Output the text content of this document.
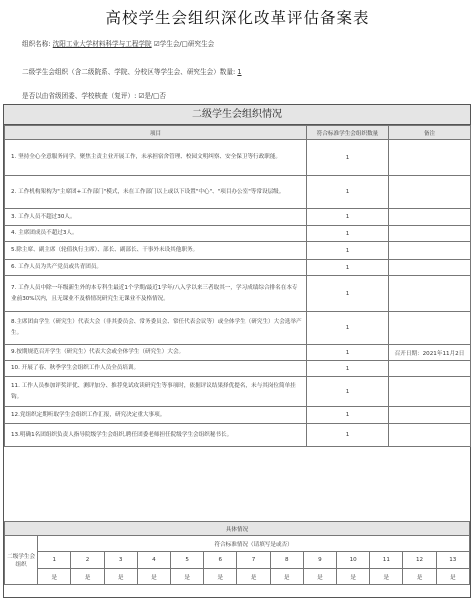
高校学生会组织深化改革评估备案表
组织名称: 沈阳工业大学材料科学与工程学院 ☑学生会/□研究生会
二级学生会组织（含二级院系、学院、分校区等学生会、研究生会）数量: 1
是否以由省级团委、学校核查（复评）: ☑是/□否
二级学生会组织情况
项目	符合标准学生会组织数量	备注
1. 坚持全心全意服务同学，聚焦主责主业开展工作，未承担宿舍管理、校园文明纠察、安全保卫等行政职能。	1	
2. 工作机构架构为"主席团+工作部门"模式，未在工作部门以上或以下设置"中心"、"项目办公室"等常设层级。	1	
3. 工作人员不超过30人。	1	
4. 主席团成员不超过3人。	1	
5.除主席、副主席（轮值执行主席）、部长、副部长、干事外未设其他职务。	1	
6. 工作人员为共产党员或共青团员。	1	
7. 工作人员中除一年级新生外的本专科生最近1个学期/最近1学年/八入学以来三者取其一，学习成绩综合排名在本专业前30%以内，且无课业不及格情况研究生无课业不及格情况。	1	
8.主席团由学生（研究生）代表大会（非其委员会、常务委员会、常任代表会议等）或全体学生（研究生）大会选举产生。	1	
9.按期规范召开学生（研究生）代表大会或全体学生（研究生）大会。	1	召开日期：2021年11月2日
10. 开展了春、秋季学生会组织工作人员全员培训。	1	
11. 工作人员参加评奖评优、测评加分、推荐免试攻读研究生等事项时，依据评议结果择优提名，未与其岗位简单挂钩。	1	
12.党组织定期听取学生会组织工作汇报，研究决定重大事项。	1	
13.明确1名团组织负责人指导院级学生会组织,聘任团委老师担任院级学生会组织秘书长。	1	
具体情况													
二级学生会组织	符合标准情况（请填写是或否）												
	1	2	3	4	5	6	7	8	9	10	11	12	13
	是	是	是	是	是	是	是	是	是	是	是	是	是
